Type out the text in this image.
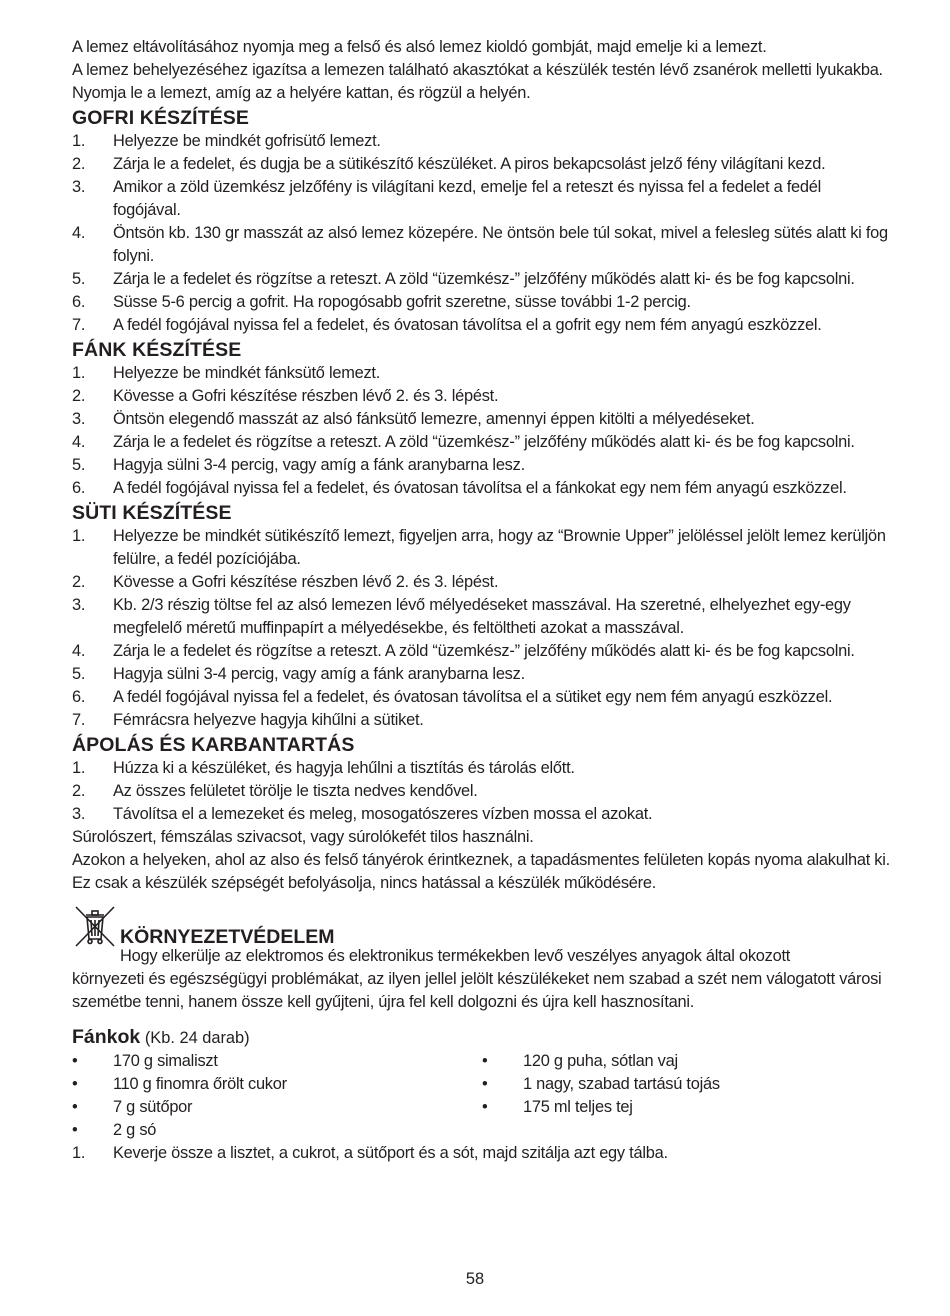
A lemez eltávolításához nyomja meg a felső és alsó lemez kioldó gombját, majd emelje ki a lemezt.

A lemez behelyezéséhez igazítsa a lemezen található akasztókat a készülék testén lévő zsanérok melletti lyukakba. Nyomja le a lemezt, amíg az a helyére kattan, és rögzül a helyén.

GOFRI KÉSZÍTÉSE
1.	Helyezze be mindkét gofrisütő lemezt.
2.	Zárja le a fedelet, és dugja be a sütikészítő készüléket. A piros bekapcsolást jelző fény világítani kezd.
3.	Amikor a zöld üzemkész jelzőfény is világítani kezd, emelje fel a reteszt és nyissa fel a fedelet a fedél fogójával.
4.	Öntsön kb. 130 gr masszát az alsó lemez közepére. Ne öntsön bele túl sokat, mivel a felesleg sütés alatt ki fog folyni.
5.	Zárja le a fedelet és rögzítse a reteszt. A zöld “üzemkész-” jelzőfény működés alatt ki- és be fog kapcsolni.
6.	Süsse 5-6 percig a gofrit. Ha ropogósabb gofrit szeretne, süsse további 1-2 percig.
7.	A fedél fogójával nyissa fel a fedelet, és óvatosan távolítsa el a gofrit egy nem fém anyagú eszközzel.
FÁNK KÉSZÍTÉSE
1.	Helyezze be mindkét fánksütő lemezt.
2.	Kövesse a Gofri készítése részben lévő 2. és 3. lépést.
3.	Öntsön elegendő masszát az alsó fánksütő lemezre, amennyi éppen kitölti a mélyedéseket.
4.	Zárja le a fedelet és rögzítse a reteszt. A zöld “üzemkész-” jelzőfény működés alatt ki- és be fog kapcsolni.
5.	Hagyja sülni 3-4 percig, vagy amíg a fánk aranybarna lesz.
6.	A fedél fogójával nyissa fel a fedelet, és óvatosan távolítsa el a fánkokat egy nem fém anyagú eszközzel.
SÜTI KÉSZÍTÉSE
1.	Helyezze be mindkét sütikészítő lemezt, figyeljen arra, hogy az “Brownie Upper” jelöléssel jelölt lemez kerüljön felülre, a fedél pozíciójába.
2.	Kövesse a Gofri készítése részben lévő 2. és 3. lépést.
3.	Kb. 2/3 részig töltse fel az alsó lemezen lévő mélyedéseket masszával. Ha szeretné, elhelyezhet egy-egy megfelelő méretű muffinpapírt a mélyedésekbe, és feltöltheti azokat a masszával.
4.	Zárja le a fedelet és rögzítse a reteszt. A zöld “üzemkész-” jelzőfény működés alatt ki- és be fog kapcsolni.
5.	Hagyja sülni 3-4 percig, vagy amíg a fánk aranybarna lesz.
6.	A fedél fogójával nyissa fel a fedelet, és óvatosan távolítsa el a sütiket egy nem fém anyagú eszközzel.
7.	Fémrácsra helyezve hagyja kihűlni a sütiket.
ÁPOLÁS ÉS KARBANTARTÁS
1.	Húzza ki a készüléket, és hagyja lehűlni a tisztítás és tárolás előtt.
2.	Az összes felületet törölje le tiszta nedves kendővel.
3.	Távolítsa el a lemezeket és meleg, mosogatószeres vízben mossa el azokat.

Súrolószert, fémszálas szivacsot, vagy súrolókefét tilos használni.

Azokon a helyeken, ahol az also és felső tányérok érintkeznek, a tapadásmentes felületen kopás nyoma alakulhat ki. Ez csak a készülék szépségét befolyásolja, nincs hatással a készülék működésére.

KÖRNYEZETVÉDELEM
Hogy elkerülje az elektromos és elektronikus termékekben levő veszélyes anyagok által okozott
környezeti és egészségügyi problémákat, az ilyen jellel jelölt készülékeket nem szabad a szét nem válogatott városi szemétbe tenni, hanem össze kell gyűjteni, újra fel kell dolgozni és újra kell hasznosítani.
Fánkok (Kb. 24 darab)
•	170 g simaliszt
•	110 g finomra őrölt cukor
•	7 g sütőpor
•	2 g só
•	120 g puha, sótlan vaj
•	1 nagy, szabad tartású tojás
•	175 ml teljes tej
1.	Keverje össze a lisztet, a cukrot, a sütőport és a sót, majd szitálja azt egy tálba.
58
